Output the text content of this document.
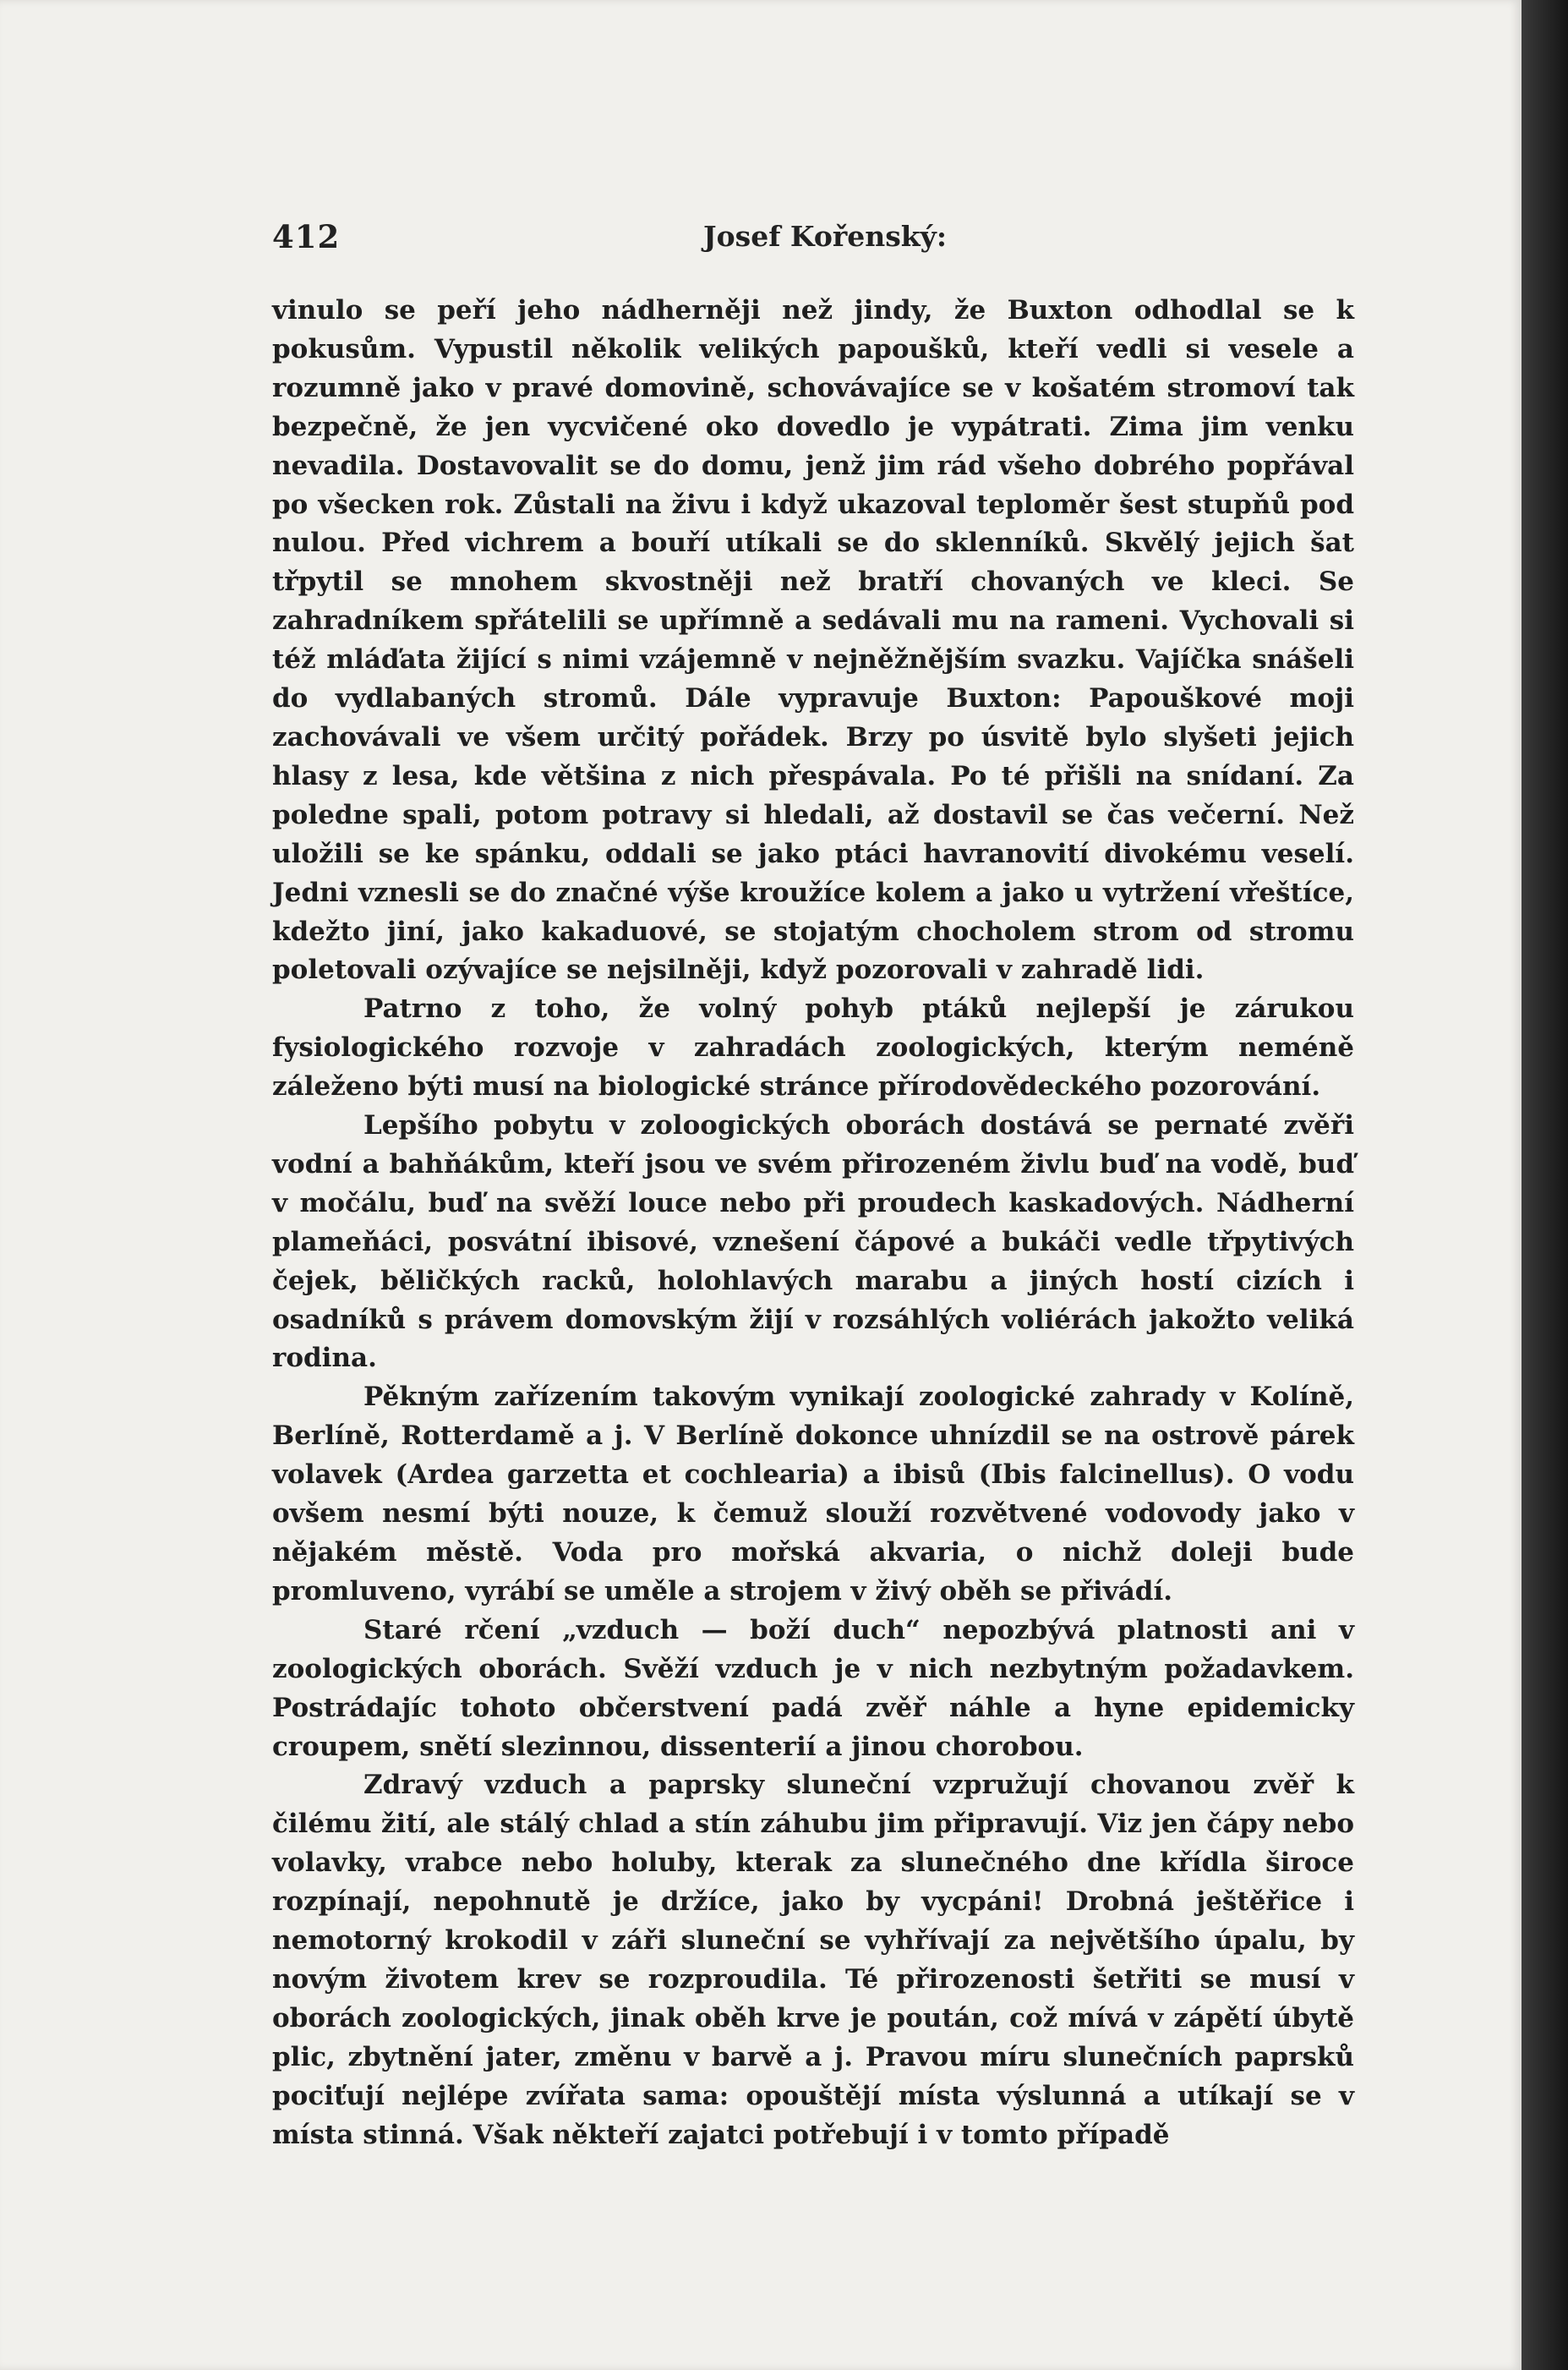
412	Josef Kořenský:

vinulo se peří jeho nádherněji než jindy, že Buxton odhodlal se k pokusům. Vypustil několik velikých papoušků, kteří vedli si vesele a rozumně jako v pravé domovině, schovávajíce se v košatém stromoví tak bezpečně, že jen vycvičené oko dovedlo je vypátrati. Zima jim venku nevadila. Dostavovalit se do domu, jenž jim rád všeho dobrého popřával po všecken rok. Zůstali na živu i když ukazoval teploměr šest stupňů pod nulou. Před vichrem a bouří utíkali se do sklenníků. Skvělý jejich šat třpytil se mnohem skvostněji než bratří chovaných ve kleci. Se zahradníkem spřátelili se upřímně a sedávali mu na rameni. Vychovali si též mláďata žijící s nimi vzájemně v nejněžnějším svazku. Vajíčka snášeli do vydlabaných stromů. Dále vypravuje Buxton: Papouškové moji zachovávali ve všem určitý pořádek. Brzy po úsvitě bylo slyšeti jejich hlasy z lesa, kde většina z nich přespávala. Po té přišli na snídaní. Za poledne spali, potom potravy si hledali, až dostavil se čas večerní. Než uložili se ke spánku, oddali se jako ptáci havranovití divokému veselí. Jedni vznesli se do značné výše kroužíce kolem a jako u vytržení vřeštíce, kdežto jiní, jako kakaduové, se stojatým chocholem strom od stromu poletovali ozývajíce se nejsilněji, když pozorovali v zahradě lidi.

Patrno z toho, že volný pohyb ptáků nejlepší je zárukou fysiologického rozvoje v zahradách zoologických, kterým neméně záleženo býti musí na biologické stránce přírodovědeckého pozorování.

Lepšího pobytu v zoloogických oborách dostává se pernaté zvěři vodní a bahňákům, kteří jsou ve svém přirozeném živlu buď na vodě, buď v močálu, buď na svěží louce nebo při proudech kaskadových. Nádherní plameňáci, posvátní ibisové, vznešení čápové a bukáči vedle třpytivých čejek, běličkých racků, holohlavých marabu a jiných hostí cizích i osadníků s právem domovským žijí v rozsáhlých voliérách jakožto veliká rodina.

Pěkným zařízením takovým vynikají zoologické zahrady v Kolíně, Berlíně, Rotterdamě a j. V Berlíně dokonce uhnízdil se na ostrově párek volavek (Ardea garzetta et cochlearia) a ibisů (Ibis falcinellus). O vodu ovšem nesmí býti nouze, k čemuž slouží rozvětvené vodovody jako v nějakém městě. Voda pro mořská akvaria, o nichž doleji bude promluveno, vyrábí se uměle a strojem v živý oběh se přivádí.

Staré rčení „vzduch — boží duch“ nepozbývá platnosti ani v zoologických oborách. Svěží vzduch je v nich nezbytným požadavkem. Postrádajíc tohoto občerstvení padá zvěř náhle a hyne epidemicky croupem, snětí slezinnou, dissenterií a jinou chorobou.

Zdravý vzduch a paprsky sluneční vzpružují chovanou zvěř k čilému žití, ale stálý chlad a stín záhubu jim připravují. Viz jen čápy nebo volavky, vrabce nebo holuby, kterak za slunečného dne křídla široce rozpínají, nepohnutě je držíce, jako by vycpáni! Drobná ještěřice i nemotorný krokodil v záři sluneční se vyhřívají za největšího úpalu, by novým životem krev se rozproudila. Té přirozenosti šetřiti se musí v oborách zoologických, jinak oběh krve je poután, což mívá v zápětí úbytě plic, zbytnění jater, změnu v barvě a j. Pravou míru slunečních paprsků pociťují nejlépe zvířata sama: opouštějí místa výslunná a utíkají se v místa stinná. Však někteří zajatci potřebují i v tomto případě
